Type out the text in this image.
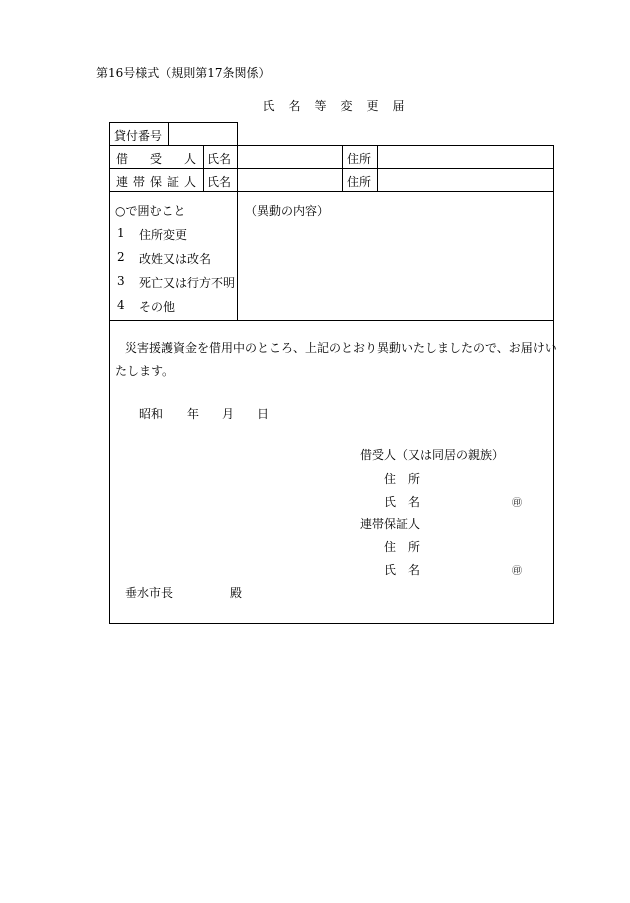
第16号様式（規則第17条関係）
氏　名　等　変　更　届
貸付番号
借 受 人 氏名	住所
連 帯 保 証 人 氏名	住所
○で囲むこと
1 住所変更
2 改姓又は改名
3 死亡又は行方不明
4 その他
（異動の内容）
災害援護資金を借用中のところ、上記のとおり異動いたしましたので、お届けい
たします。
昭和 年 月 日
借受人（又は同居の親族）
住　所
氏　名	㊞
連帯保証人
住　所
氏　名	㊞
垂水市長	殿
